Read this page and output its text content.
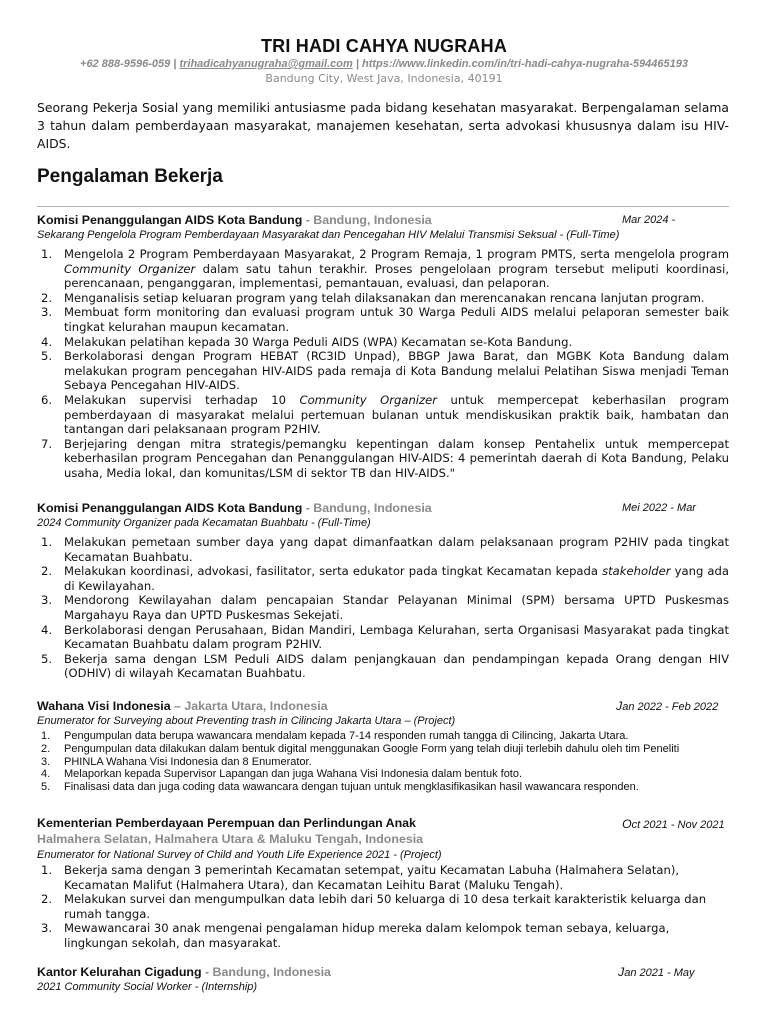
TRI HADI CAHYA NUGRAHA
+62 888-9596-059 | trihadicahyanugraha@gmail.com | https://www.linkedin.com/in/tri-hadi-cahya-nugraha-594465193
Bandung City, West Java, Indonesia, 40191
Seorang Pekerja Sosial yang memiliki antusiasme pada bidang kesehatan masyarakat. Berpengalaman selama 3 tahun dalam pemberdayaan masyarakat, manajemen kesehatan, serta advokasi khususnya dalam isu HIV-AIDS.
Pengalaman Bekerja
Komisi Penanggulangan AIDS Kota Bandung - Bandung, Indonesia	Mar 2024 -
Sekarang Pengelola Program Pemberdayaan Masyarakat dan Pencegahan HIV Melalui Transmisi Seksual - (Full-Time)
1. Mengelola 2 Program Pemberdayaan Masyarakat, 2 Program Remaja, 1 program PMTS, serta mengelola program Community Organizer dalam satu tahun terakhir. Proses pengelolaan program tersebut meliputi koordinasi, perencanaan, penganggaran, implementasi, pemantauan, evaluasi, dan pelaporan.
2. Menganalisis setiap keluaran program yang telah dilaksanakan dan merencanakan rencana lanjutan program.
3. Membuat form monitoring dan evaluasi program untuk 30 Warga Peduli AIDS melalui pelaporan semester baik tingkat kelurahan maupun kecamatan.
4. Melakukan pelatihan kepada 30 Warga Peduli AIDS (WPA) Kecamatan se-Kota Bandung.
5. Berkolaborasi dengan Program HEBAT (RC3ID Unpad), BBGP Jawa Barat, dan MGBK Kota Bandung dalam melakukan program pencegahan HIV-AIDS pada remaja di Kota Bandung melalui Pelatihan Siswa menjadi Teman Sebaya Pencegahan HIV-AIDS.
6. Melakukan supervisi terhadap 10 Community Organizer untuk mempercepat keberhasilan program pemberdayaan di masyarakat melalui pertemuan bulanan untuk mendiskusikan praktik baik, hambatan dan tantangan dari pelaksanaan program P2HIV.
7. Berjejaring dengan mitra strategis/pemangku kepentingan dalam konsep Pentahelix untuk mempercepat keberhasilan program Pencegahan dan Penanggulangan HIV-AIDS: 4 pemerintah daerah di Kota Bandung, Pelaku usaha, Media lokal, dan komunitas/LSM di sektor TB dan HIV-AIDS."
Komisi Penanggulangan AIDS Kota Bandung - Bandung, Indonesia	Mei 2022 - Mar
2024 Community Organizer pada Kecamatan Buahbatu - (Full-Time)
1. Melakukan pemetaan sumber daya yang dapat dimanfaatkan dalam pelaksanaan program P2HIV pada tingkat Kecamatan Buahbatu.
2. Melakukan koordinasi, advokasi, fasilitator, serta edukator pada tingkat Kecamatan kepada stakeholder yang ada di Kewilayahan.
3. Mendorong Kewilayahan dalam pencapaian Standar Pelayanan Minimal (SPM) bersama UPTD Puskesmas Margahayu Raya dan UPTD Puskesmas Sekejati.
4. Berkolaborasi dengan Perusahaan, Bidan Mandiri, Lembaga Kelurahan, serta Organisasi Masyarakat pada tingkat Kecamatan Buahbatu dalam program P2HIV.
5. Bekerja sama dengan LSM Peduli AIDS dalam penjangkauan dan pendampingan kepada Orang dengan HIV (ODHIV) di wilayah Kecamatan Buahbatu.
Wahana Visi Indonesia – Jakarta Utara, Indonesia	Jan 2022 - Feb 2022
Enumerator for Surveying about Preventing trash in Cilincing Jakarta Utara – (Project)
1. Pengumpulan data berupa wawancara mendalam kepada 7-14 responden rumah tangga di Cilincing, Jakarta Utara.
2. Pengumpulan data dilakukan dalam bentuk digital menggunakan Google Form yang telah diuji terlebih dahulu oleh tim Peneliti
3. PHINLA Wahana Visi Indonesia dan 8 Enumerator.
4. Melaporkan kepada Supervisor Lapangan dan juga Wahana Visi Indonesia dalam bentuk foto.
5. Finalisasi data dan juga coding data wawancara dengan tujuan untuk mengklasifikasikan hasil wawancara responden.
Kementerian Pemberdayaan Perempuan dan Perlindungan Anak	Oct 2021 - Nov 2021
Halmahera Selatan, Halmahera Utara & Maluku Tengah, Indonesia
Enumerator for National Survey of Child and Youth Life Experience 2021 - (Project)
1. Bekerja sama dengan 3 pemerintah Kecamatan setempat, yaitu Kecamatan Labuha (Halmahera Selatan), Kecamatan Malifut (Halmahera Utara), dan Kecamatan Leihitu Barat (Maluku Tengah).
2. Melakukan survei dan mengumpulkan data lebih dari 50 keluarga di 10 desa terkait karakteristik keluarga dan rumah tangga.
3. Mewawancarai 30 anak mengenai pengalaman hidup mereka dalam kelompok teman sebaya, keluarga, lingkungan sekolah, dan masyarakat.
Kantor Kelurahan Cigadung - Bandung, Indonesia	Jan 2021 - May
2021 Community Social Worker - (Internship)
